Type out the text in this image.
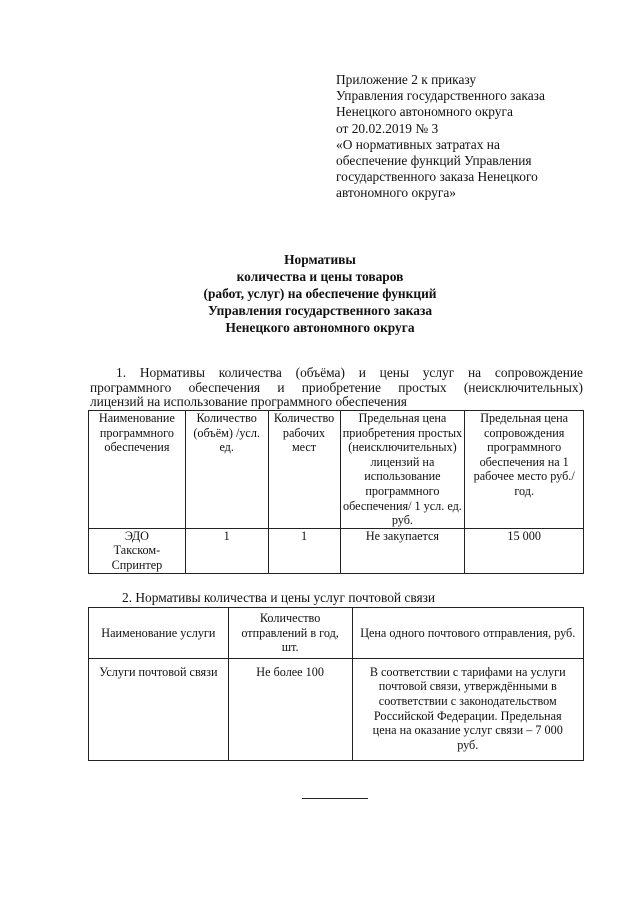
Приложение 2 к приказу
Управления государственного заказа
Ненецкого автономного округа
от 20.02.2019 № 3
«О нормативных затратах на
обеспечение функций Управления
государственного заказа Ненецкого
автономного округа»
Нормативы
количества и цены товаров
(работ, услуг) на обеспечение функций
Управления государственного заказа
Ненецкого автономного округа
1. Нормативы количества (объёма) и цены услуг на сопровождение
программного обеспечения и приобретение простых (неисключительных)
лицензий на использование программного обеспечения
Наименование программного обеспечения	Количество (объём) /усл. ед.	Количество рабочих мест	Предельная цена приобретения простых (неисключительных) лицензий на использование программного обеспечения/ 1 усл. ед. руб.	Предельная цена сопровождения программного обеспечения на 1 рабочее место руб./год.
ЭДО Такском-Спринтер	1	1	Не закупается	15 000
2. Нормативы количества и цены услуг почтовой связи
Наименование услуги	Количество отправлений в год, шт.	Цена одного почтового отправления, руб.
Услуги почтовой связи	Не более 100	В соответствии с тарифами на услуги почтовой связи, утверждёнными в соответствии с законодательством Российской Федерации. Предельная цена на оказание услуг связи – 7 000 руб.
